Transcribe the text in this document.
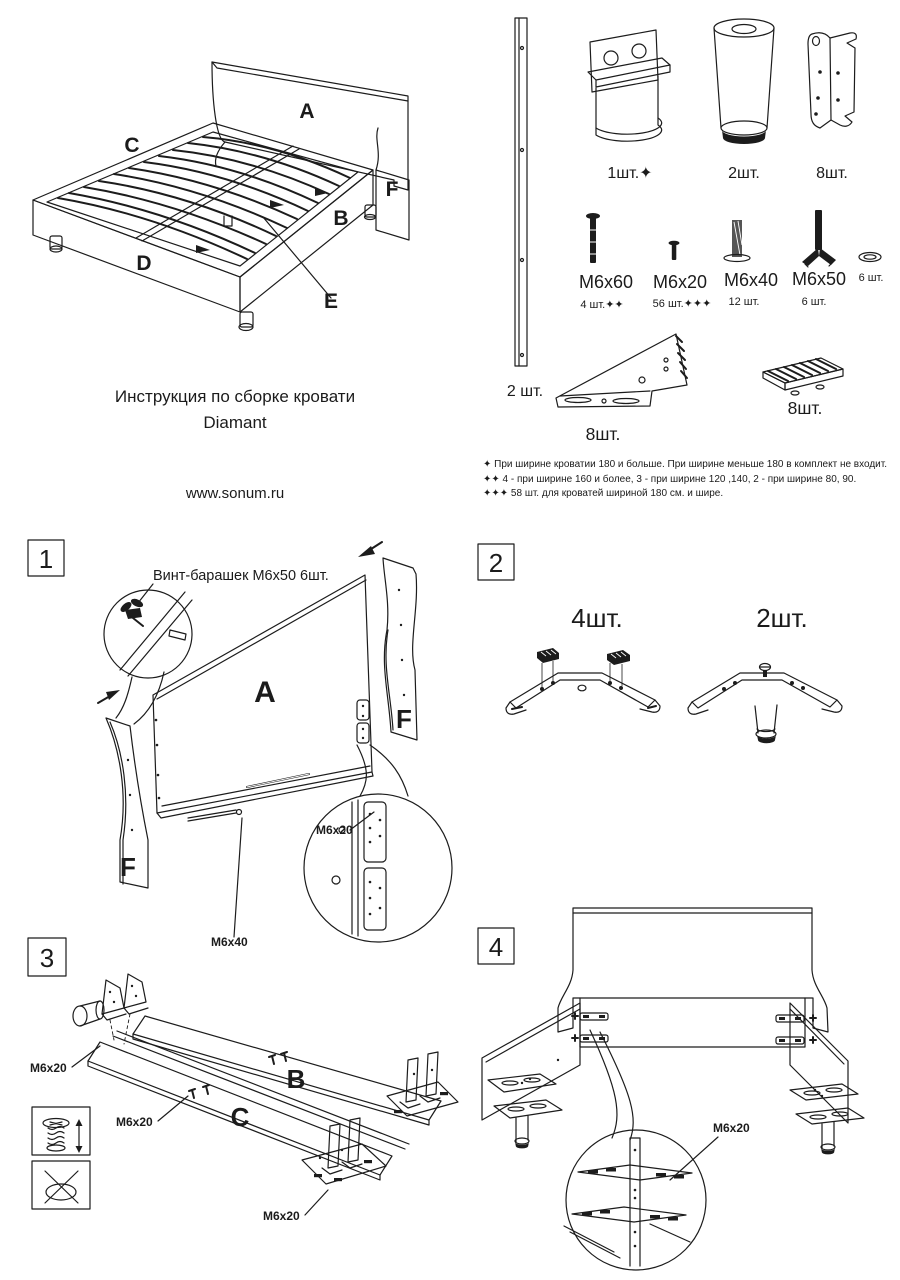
A
C
F
B
D
E
Инструкция по сборке кровати
Diamant
www.sonum.ru
2 шт.
1шт.✦	2шт.	8шт.
M6x60
4 шт.✦✦
M6x20
56 шт.✦✦✦
M6x40
12 шт.
M6x50
6 шт.
6 шт.
8шт.
8шт.
✦ При ширине кроватии 180 и больше. При ширине меньше 180 в комплект не входит.
✦✦ 4 - при ширине 160 и более, 3 - при ширине 120 ,140, 2 - при ширине 80, 90.
✦✦✦ 58 шт. для кроватей шириной 180 см. и шире.
1
Винт-барашек М6х50 6шт.
A
F
F
M6x20
M6x40
2
4шт.	2шт.
3
B
C
M6x20
M6x20
M6x20
4
M6x20
